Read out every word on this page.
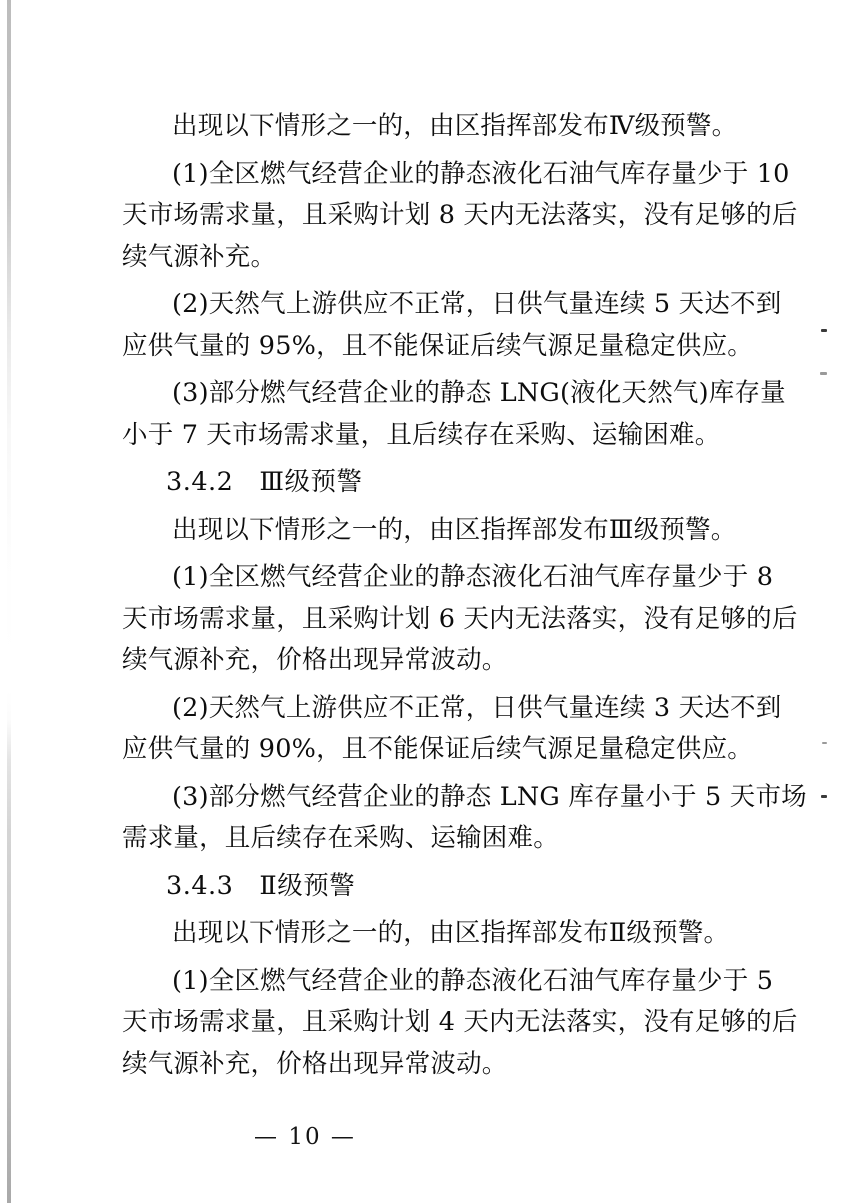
出现以下情形之一的，由区指挥部发布Ⅳ级预警。
(1)全区燃气经营企业的静态液化石油气库存量少于 10
天市场需求量，且采购计划 8 天内无法落实，没有足够的后
续气源补充。
(2)天然气上游供应不正常，日供气量连续 5 天达不到
应供气量的 95%，且不能保证后续气源足量稳定供应。
(3)部分燃气经营企业的静态 LNG(液化天然气)库存量
小于 7 天市场需求量，且后续存在采购、运输困难。
3.4.2　Ⅲ级预警
出现以下情形之一的，由区指挥部发布Ⅲ级预警。
(1)全区燃气经营企业的静态液化石油气库存量少于 8
天市场需求量，且采购计划 6 天内无法落实，没有足够的后
续气源补充，价格出现异常波动。
(2)天然气上游供应不正常，日供气量连续 3 天达不到
应供气量的 90%，且不能保证后续气源足量稳定供应。
(3)部分燃气经营企业的静态 LNG 库存量小于 5 天市场
需求量，且后续存在采购、运输困难。
3.4.3　Ⅱ级预警
出现以下情形之一的，由区指挥部发布Ⅱ级预警。
(1)全区燃气经营企业的静态液化石油气库存量少于 5
天市场需求量，且采购计划 4 天内无法落实，没有足够的后
续气源补充，价格出现异常波动。
— 10 —
